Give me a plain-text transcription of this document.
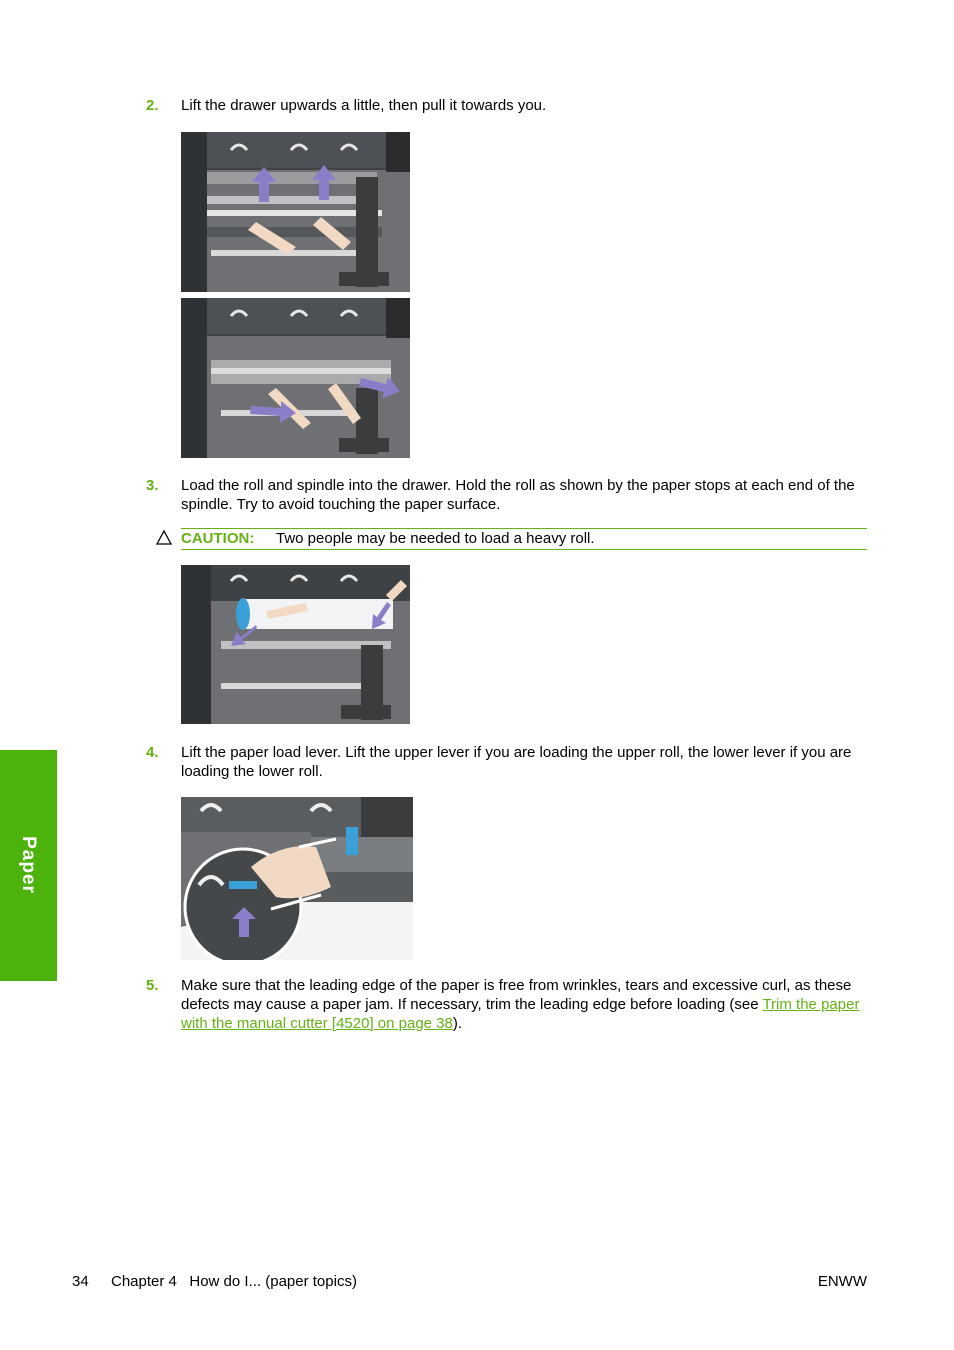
Paper
2. Lift the drawer upwards a little, then pull it towards you.
3. Load the roll and spindle into the drawer. Hold the roll as shown by the paper stops at each end of the spindle. Try to avoid touching the paper surface.
CAUTION: Two people may be needed to load a heavy roll.
4. Lift the paper load lever. Lift the upper lever if you are loading the upper roll, the lower lever if you are loading the lower roll.
5. Make sure that the leading edge of the paper is free from wrinkles, tears and excessive curl, as these defects may cause a paper jam. If necessary, trim the leading edge before loading (see Trim the paper with the manual cutter [4520] on page 38).
34 Chapter 4   How do I... (paper topics)	ENWW
